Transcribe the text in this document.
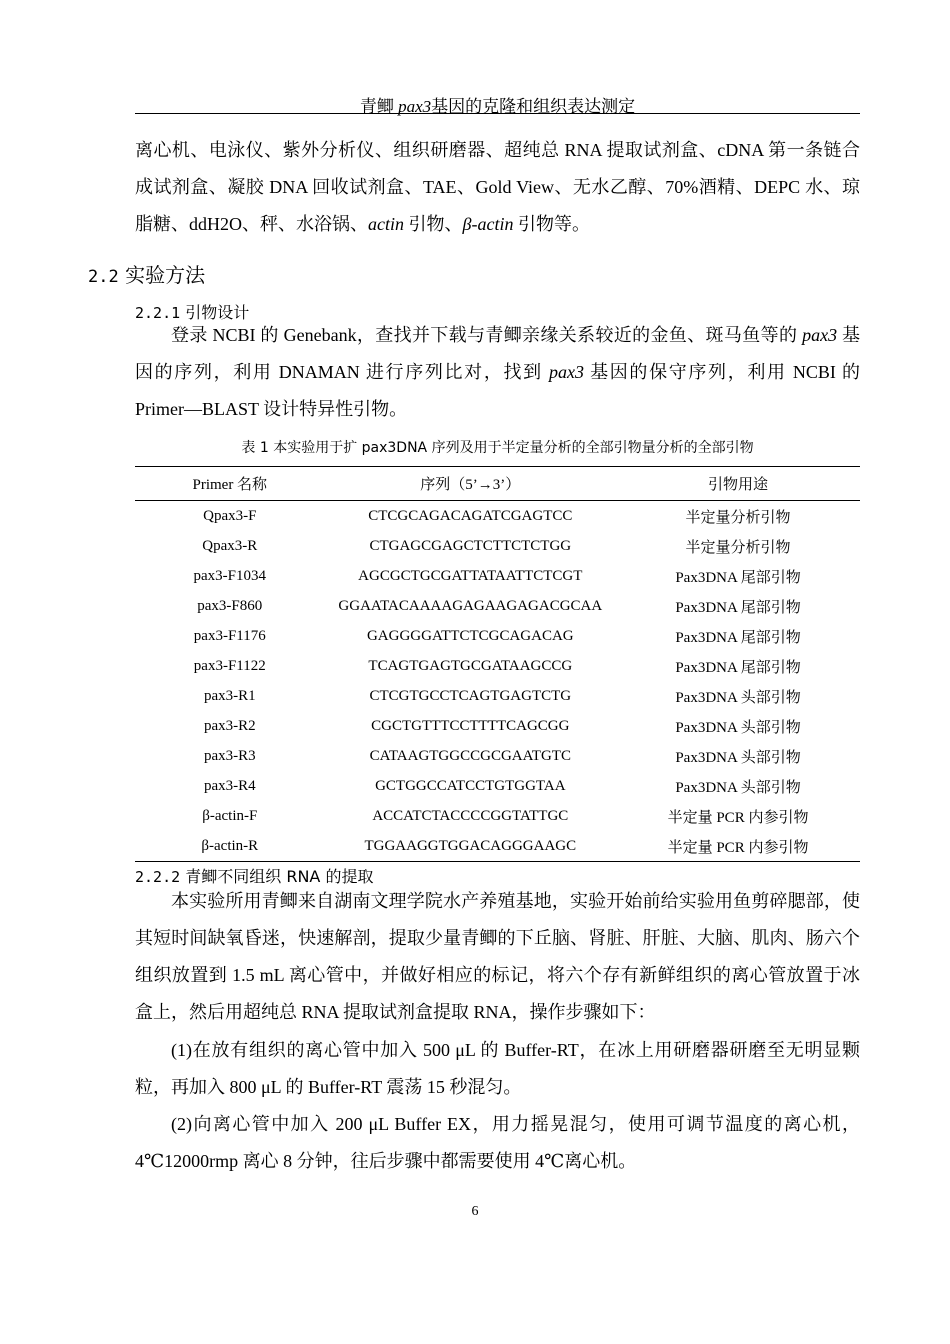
青鲫 pax3基因的克隆和组织表达测定
离心机、电泳仪、紫外分析仪、组织研磨器、超纯总 RNA 提取试剂盒、cDNA 第一条链合成试剂盒、凝胶 DNA 回收试剂盒、TAE、Gold View、无水乙醇、70%酒精、DEPC 水、琼脂糖、ddH2O、秤、水浴锅、actin 引物、β-actin 引物等。
2.2 实验方法
2.2.1 引物设计
登录 NCBI 的 Genebank，查找并下载与青鲫亲缘关系较近的金鱼、斑马鱼等的 pax3 基因的序列，利用 DNAMAN 进行序列比对，找到 pax3 基因的保守序列，利用 NCBI 的 Primer—BLAST 设计特异性引物。
表 1 本实验用于扩 pax3DNA 序列及用于半定量分析的全部引物量分析的全部引物
Primer 名称	序列（5’→3’）	引物用途
Qpax3-F	CTCGCAGACAGATCGAGTCC	半定量分析引物
Qpax3-R	CTGAGCGAGCTCTTCTCTGG	半定量分析引物
pax3-F1034	AGCGCTGCGATTATAATTCTCGT	Pax3DNA 尾部引物
pax3-F860	GGAATACAAAAGAGAAGAGACGCAA	Pax3DNA 尾部引物
pax3-F1176	GAGGGGATTCTCGCAGACAG	Pax3DNA 尾部引物
pax3-F1122	TCAGTGAGTGCGATAAGCCG	Pax3DNA 尾部引物
pax3-R1	CTCGTGCCTCAGTGAGTCTG	Pax3DNA 头部引物
pax3-R2	CGCTGTTTCCTTTTCAGCGG	Pax3DNA 头部引物
pax3-R3	CATAAGTGGCCGCGAATGTC	Pax3DNA 头部引物
pax3-R4	GCTGGCCATCCTGTGGTAA	Pax3DNA 头部引物
β-actin-F	ACCATCTACCCCGGTATTGC	半定量 PCR 内参引物
β-actin-R	TGGAAGGTGGACAGGGAAGC	半定量 PCR 内参引物
2.2.2 青鲫不同组织 RNA 的提取
本实验所用青鲫来自湖南文理学院水产养殖基地，实验开始前给实验用鱼剪碎腮部，使其短时间缺氧昏迷，快速解剖，提取少量青鲫的下丘脑、肾脏、肝脏、大脑、肌肉、肠六个组织放置到 1.5 mL 离心管中，并做好相应的标记，将六个存有新鲜组织的离心管放置于冰盒上，然后用超纯总 RNA 提取试剂盒提取 RNA，操作步骤如下：
(1)在放有组织的离心管中加入 500 μL 的 Buffer-RT，在冰上用研磨器研磨至无明显颗粒，再加入 800 μL 的 Buffer-RT 震荡 15 秒混匀。
(2)向离心管中加入 200 μL Buffer EX，用力摇晃混匀，使用可调节温度的离心机，4℃12000rmp 离心 8 分钟，往后步骤中都需要使用 4℃离心机。
6
